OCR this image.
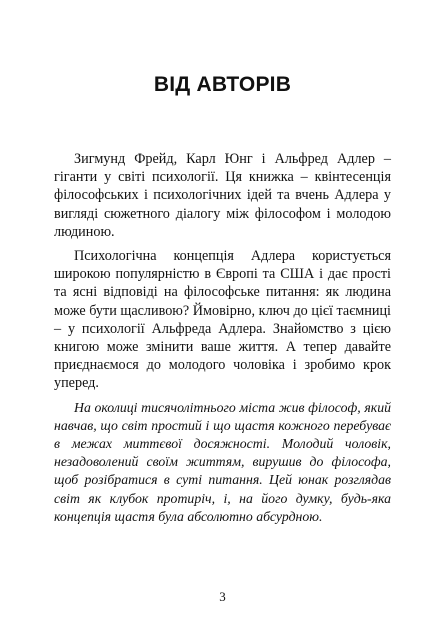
ВІД АВТОРІВ

Зигмунд Фрейд, Карл Юнг і Альфред Адлер – гіганти у світі психології. Ця книжка – квінтесенція філософських і психологічних ідей та вчень Адлера у вигляді сюжетного діалогу між філософом і молодою людиною.

Психологічна концепція Адлера користується широкою популярністю в Європі та США і дає прості та ясні відповіді на філософське питання: як людина може бути щасливою? Ймовірно, ключ до цієї таємниці – у психології Альфреда Адлера. Знайомство з цією книгою може змінити ваше життя. А тепер давайте приєднаємося до молодого чоловіка і зробимо крок уперед.

На околиці тисячолітнього міста жив філософ, який навчав, що світ простий і що щастя кожного перебуває в межах миттєвої досяжності. Молодий чоловік, незадоволений своїм життям, вирушив до філософа, щоб розібратися в суті питання. Цей юнак розглядав світ як клубок протиріч, і, на його думку, будь-яка концепція щастя була абсолютно абсурдною.

3
